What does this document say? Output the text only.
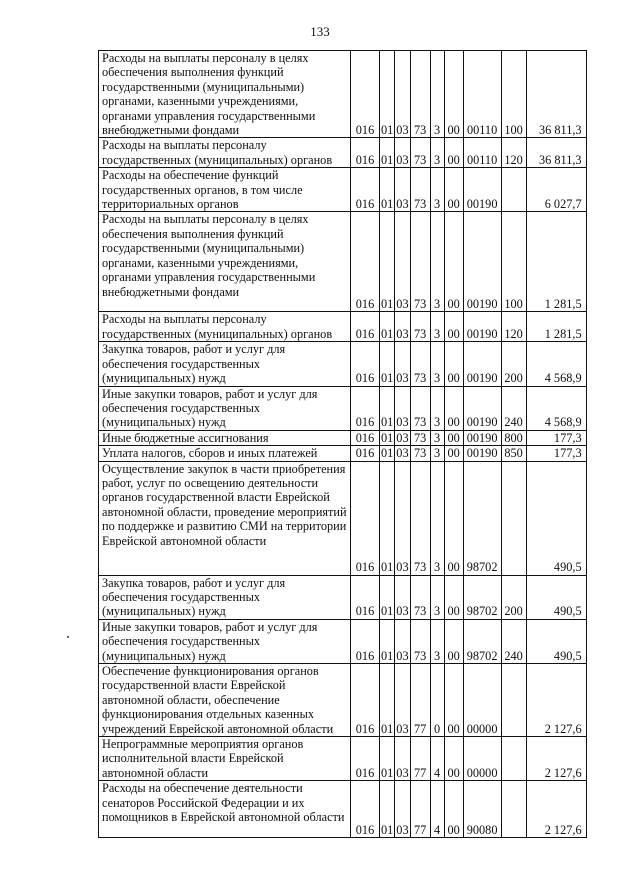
133
Расходы на выплаты персоналу в целях обеспечения выполнения функций государственными (муниципальными) органами, казенными учреждениями, органами управления государственными внебюджетными фондами	016	01	03	73	3	00	00110	100	36 811,3
Расходы на выплаты персоналу государственных (муниципальных) органов	016	01	03	73	3	00	00110	120	36 811,3
Расходы на обеспечение функций государственных органов, в том числе территориальных органов	016	01	03	73	3	00	00190		6 027,7
Расходы на выплаты персоналу в целях обеспечения выполнения функций государственными (муниципальными) органами, казенными учреждениями, органами управления государственными внебюджетными фондами	016	01	03	73	3	00	00190	100	1 281,5
Расходы на выплаты персоналу государственных (муниципальных) органов	016	01	03	73	3	00	00190	120	1 281,5
Закупка товаров, работ и услуг для обеспечения государственных (муниципальных) нужд	016	01	03	73	3	00	00190	200	4 568,9
Иные закупки товаров, работ и услуг для обеспечения государственных (муниципальных) нужд	016	01	03	73	3	00	00190	240	4 568,9
Иные бюджетные ассигнования	016	01	03	73	3	00	00190	800	177,3
Уплата налогов, сборов и иных платежей	016	01	03	73	3	00	00190	850	177,3
Осуществление закупок в части приобретения работ, услуг по освещению деятельности органов государственной власти Еврейской автономной области, проведение мероприятий по поддержке и развитию СМИ на территории Еврейской автономной области	016	01	03	73	3	00	98702		490,5
Закупка товаров, работ и услуг для обеспечения государственных (муниципальных) нужд	016	01	03	73	3	00	98702	200	490,5
Иные закупки товаров, работ и услуг для обеспечения государственных (муниципальных) нужд	016	01	03	73	3	00	98702	240	490,5
Обеспечение функционирования органов государственной власти Еврейской автономной области, обеспечение функционирования отдельных казенных учреждений Еврейской автономной области	016	01	03	77	0	00	00000		2 127,6
Непрограммные мероприятия органов исполнительной власти Еврейской автономной области	016	01	03	77	4	00	00000		2 127,6
Расходы на обеспечение деятельности сенаторов Российской Федерации и их помощников в Еврейской автономной области	016	01	03	77	4	00	90080		2 127,6
